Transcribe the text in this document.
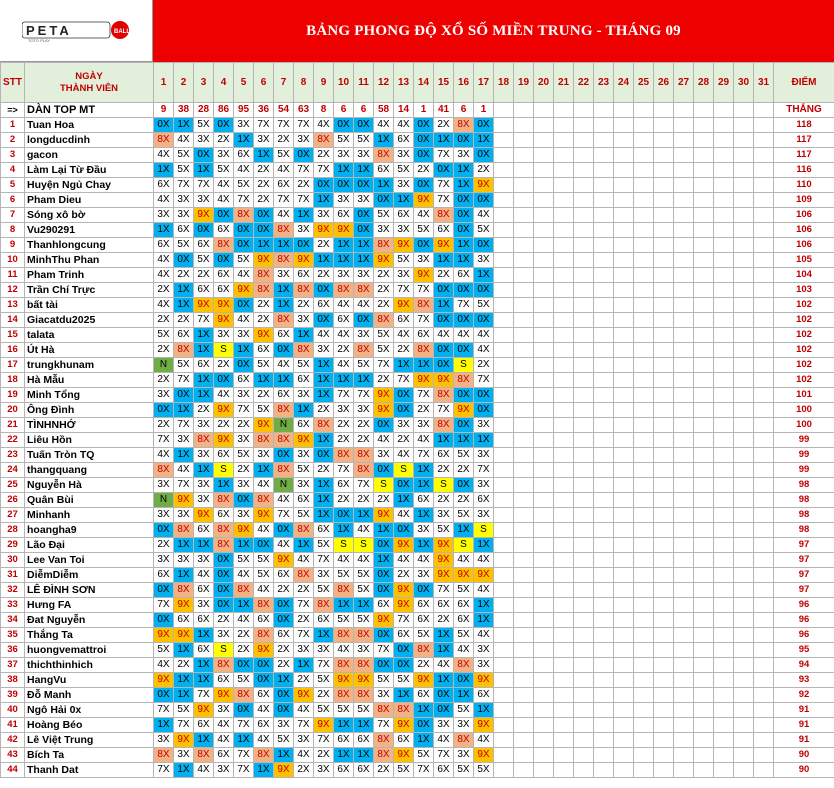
PETA	BALL
TOTO PLAY
BẢNG PHONG ĐỘ XỔ SỐ MIỀN TRUNG - THÁNG 09
STT	NGÀY
THÀNH VIÊN	1	2	3	4	5	6	7	8	9	10	11	12	13	14	15	16	17	18	19	20	21	22	23	24	25	26	27	28	29	30	31	ĐIỂM
=>	DÀN TOP MT	9	38	28	86	95	36	54	63	8	6	6	58	14	1	41	6	1															THẮNG
1	Tuan Hoa	0X	1X	5X	0X	3X	7X	7X	7X	4X	0X	0X	4X	4X	0X	2X	8X	0X															118
2	longducdinh	8X	4X	3X	2X	1X	3X	2X	3X	8X	5X	5X	1X	6X	0X	1X	0X	1X															117
3	gacon	4X	5X	0X	3X	6X	1X	5X	0X	2X	3X	3X	8X	3X	0X	7X	3X	0X															117
4	Làm Lại Từ Đầu	1X	5X	1X	5X	4X	2X	4X	7X	7X	1X	1X	6X	5X	2X	0X	1X	2X															116
5	Huyện Ngủ Chay	6X	7X	7X	4X	5X	2X	6X	2X	0X	0X	0X	1X	3X	0X	7X	1X	9X															110
6	Pham Dieu	4X	3X	3X	4X	7X	2X	7X	7X	1X	3X	3X	0X	1X	9X	7X	0X	0X															109
7	Sóng xô bờ	3X	3X	9X	0X	8X	0X	4X	1X	3X	6X	0X	5X	6X	4X	8X	0X	4X															106
8	Vu290291	1X	6X	0X	6X	0X	0X	8X	3X	9X	9X	0X	3X	3X	5X	6X	0X	5X															106
9	Thanhlongcung	6X	5X	6X	8X	0X	1X	1X	0X	2X	1X	1X	8X	9X	0X	9X	1X	0X															106
10	MinhThu Phan	4X	0X	5X	0X	5X	9X	8X	9X	1X	1X	1X	9X	5X	3X	1X	1X	3X															105
11	Pham Trinh	4X	2X	2X	6X	4X	8X	3X	6X	2X	3X	3X	2X	3X	9X	2X	6X	1X															104
12	Trần Chí Trực	2X	1X	6X	6X	9X	8X	1X	8X	0X	8X	8X	2X	7X	7X	0X	0X	0X															103
13	bất tài	4X	1X	9X	9X	0X	2X	1X	2X	6X	4X	4X	2X	9X	8X	1X	7X	5X															102
14	Giacatdu2025	2X	2X	7X	9X	4X	2X	8X	3X	0X	6X	0X	8X	6X	7X	0X	0X	0X															102
15	talata	5X	6X	1X	3X	3X	9X	6X	1X	4X	4X	3X	5X	4X	6X	4X	4X	4X															102
16	Út Hà	2X	8X	1X	S	1X	6X	0X	8X	3X	2X	8X	5X	2X	8X	0X	0X	4X															102
17	trungkhunam	N	5X	6X	2X	0X	5X	4X	5X	1X	4X	5X	7X	1X	1X	0X	S	2X															102
18	Hà Mẫu	2X	7X	1X	0X	6X	1X	1X	6X	1X	1X	1X	2X	7X	9X	9X	8X	7X															102
19	Minh Tổng	3X	0X	1X	4X	3X	2X	6X	3X	1X	7X	7X	9X	0X	7X	8X	0X	0X															101
20	Ông Đình	0X	1X	2X	9X	7X	5X	8X	1X	2X	3X	3X	9X	0X	2X	7X	9X	0X															100
21	TÌNHNHỚ	2X	7X	3X	2X	2X	9X	N	6X	8X	2X	2X	0X	3X	3X	8X	0X	3X															100
22	Liêu Hồn	7X	3X	8X	9X	3X	8X	8X	9X	1X	2X	2X	4X	2X	4X	1X	1X	1X															99
23	Tuấn Tròn TQ	4X	1X	3X	6X	5X	3X	0X	3X	0X	8X	8X	3X	4X	7X	6X	5X	3X															99
24	thangquang	8X	4X	1X	S	2X	1X	8X	5X	2X	7X	8X	0X	S	1X	2X	2X	7X															99
25	Nguyễn Hà	3X	7X	3X	1X	3X	4X	N	3X	1X	6X	7X	S	0X	1X	S	0X	3X															98
26	Quân Bùi	N	9X	3X	8X	0X	8X	4X	6X	1X	2X	2X	2X	1X	6X	2X	2X	6X															98
27	Minhanh	3X	3X	9X	6X	3X	9X	7X	5X	1X	0X	1X	9X	4X	1X	3X	5X	3X															98
28	hoangha9	0X	8X	6X	8X	9X	4X	0X	8X	6X	1X	4X	1X	0X	3X	5X	1X	S															98
29	Lão Đại	2X	1X	1X	8X	1X	0X	4X	1X	5X	S	S	0X	9X	1X	9X	S	1X															97
30	Lee Van Toi	3X	3X	3X	0X	5X	5X	9X	4X	7X	4X	4X	1X	4X	4X	9X	4X	4X															97
31	DiễmDiễm	6X	1X	4X	0X	4X	5X	6X	8X	3X	5X	5X	0X	2X	3X	9X	9X	9X															97
32	LÊ ĐÌNH SƠN	0X	8X	6X	0X	8X	4X	2X	2X	5X	8X	5X	0X	9X	0X	7X	5X	4X															97
33	Hưng FA	7X	9X	3X	0X	1X	8X	0X	7X	8X	1X	1X	6X	9X	6X	6X	6X	1X															96
34	Đat Nguyễn	0X	6X	6X	2X	4X	6X	0X	2X	6X	5X	5X	9X	7X	6X	2X	6X	1X															96
35	Thắng Ta	9X	9X	1X	3X	2X	8X	6X	7X	1X	8X	8X	0X	6X	5X	1X	5X	4X															96
36	huongvemattroi	5X	1X	6X	S	2X	9X	2X	3X	3X	4X	3X	7X	0X	8X	1X	4X	3X															95
37	thichthinhich	4X	2X	1X	8X	0X	0X	2X	1X	7X	8X	8X	0X	0X	2X	4X	8X	3X															94
38	HangVu	9X	1X	1X	6X	5X	0X	1X	2X	5X	9X	9X	5X	5X	9X	1X	0X	9X															93
39	Đỗ Manh	0X	1X	7X	9X	8X	6X	0X	9X	2X	8X	8X	3X	1X	6X	0X	1X	6X															92
40	Ngô Hải 0x	7X	5X	9X	3X	0X	4X	0X	4X	5X	5X	5X	8X	8X	1X	0X	5X	1X															91
41	Hoàng Béo	1X	7X	6X	4X	7X	6X	3X	7X	9X	1X	1X	7X	9X	0X	3X	3X	9X															91
42	Lê Việt Trung	3X	9X	1X	4X	1X	4X	5X	3X	7X	6X	6X	8X	6X	1X	4X	8X	4X															91
43	Bích Ta	8X	3X	8X	6X	7X	8X	1X	4X	2X	1X	1X	8X	9X	5X	7X	3X	9X															90
44	Thanh Dat	7X	1X	4X	3X	7X	1X	9X	2X	3X	6X	6X	2X	5X	7X	6X	5X	5X															90
